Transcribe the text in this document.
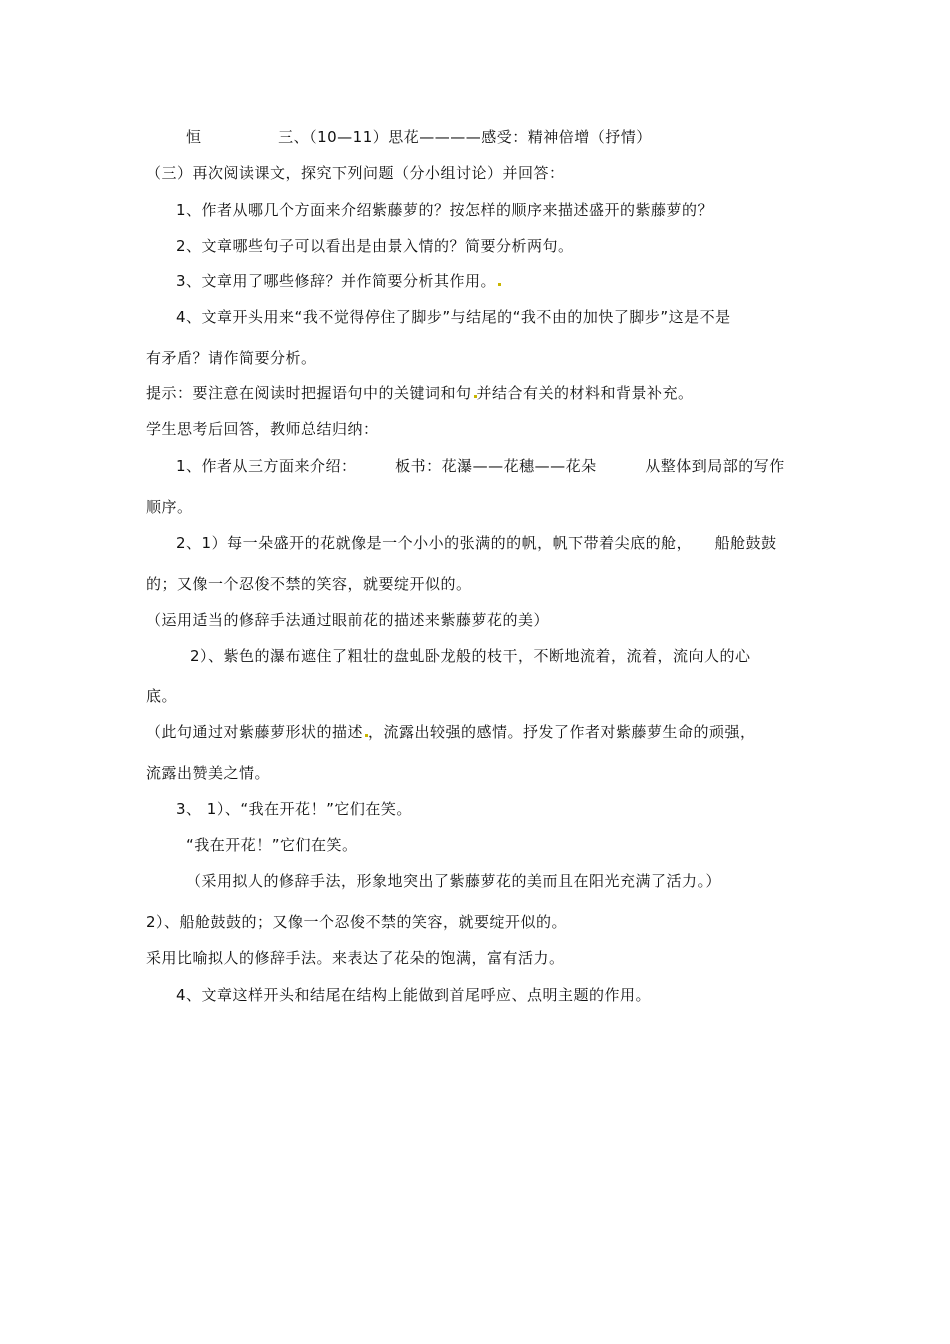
恒	三、（10—11）思花————感受：精神倍增（抒情）
（三）再次阅读课文，探究下列问题（分小组讨论）并回答：
1、作者从哪几个方面来介绍紫藤萝的？按怎样的顺序来描述盛开的紫藤萝的？
2、文章哪些句子可以看出是由景入情的？简要分析两句。
3、文章用了哪些修辞？并作简要分析其作用。
4、文章开头用来“我不觉得停住了脚步”与结尾的“我不由的加快了脚步”这是不是
有矛盾？请作简要分析。
提示：要注意在阅读时把握语句中的关键词和句 并结合有关的材料和背景补充。
学生思考后回答，教师总结归纳：
1、作者从三方面来介绍：	板书：花瀑——花穗——花朵	从整体到局部的写作
顺序。
2、1）每一朵盛开的花就像是一个小小的张满的的帆，帆下带着尖底的舱， 船舱鼓鼓
的；又像一个忍俊不禁的笑容，就要绽开似的。
（运用适当的修辞手法通过眼前花的描述来紫藤萝花的美）
2）、紫色的瀑布遮住了粗壮的盘虬卧龙般的枝干，不断地流着，流着，流向人的心
底。
（此句通过对紫藤萝形状的描述 ，流露出较强的感情。抒发了作者对紫藤萝生命的顽强，
流露出赞美之情。
3、 1）、“我在开花！”它们在笑。
“我在开花！”它们在笑。
（采用拟人的修辞手法，形象地突出了紫藤萝花的美而且在阳光充满了活力。）
2）、船舱鼓鼓的；又像一个忍俊不禁的笑容，就要绽开似的。
采用比喻拟人的修辞手法。来表达了花朵的饱满，富有活力。
4、文章这样开头和结尾在结构上能做到首尾呼应、点明主题的作用。
